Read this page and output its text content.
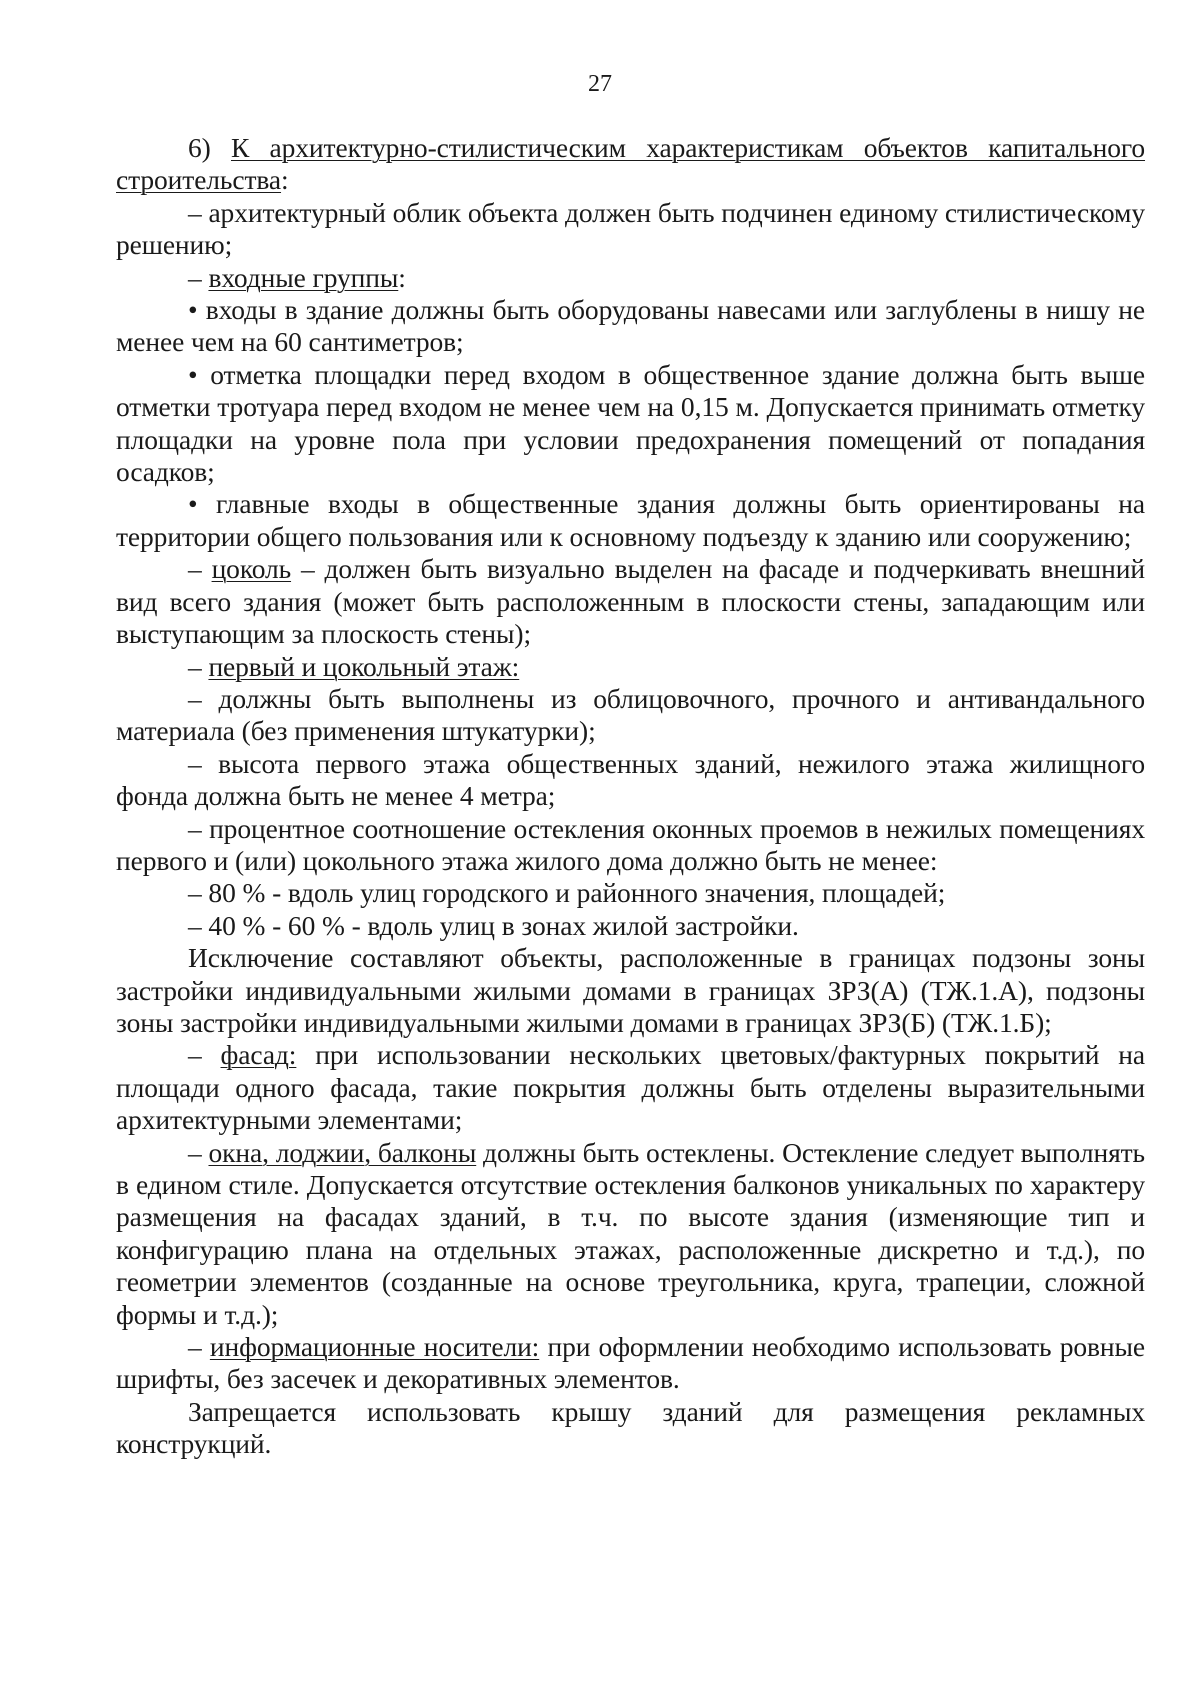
27

6) К архитектурно-стилистическим характеристикам объектов капитального строительства:

– архитектурный облик объекта должен быть подчинен единому стилистическому решению;

– входные группы:

• входы в здание должны быть оборудованы навесами или заглублены в нишу не менее чем на 60 сантиметров;

• отметка площадки перед входом в общественное здание должна быть выше отметки тротуара перед входом не менее чем на 0,15 м. Допускается принимать отметку площадки на уровне пола при условии предохранения помещений от попадания осадков;

• главные входы в общественные здания должны быть ориентированы на территории общего пользования или к основному подъезду к зданию или сооружению;

– цоколь – должен быть визуально выделен на фасаде и подчеркивать внешний вид всего здания (может быть расположенным в плоскости стены, западающим или выступающим за плоскость стены);

– первый и цокольный этаж:

– должны быть выполнены из облицовочного, прочного и антивандального материала (без применения штукатурки);

– высота первого этажа общественных зданий, нежилого этажа жилищного фонда должна быть не менее 4 метра;

– процентное соотношение остекления оконных проемов в нежилых помещениях первого и (или) цокольного этажа жилого дома должно быть не менее:

– 80 % - вдоль улиц городского и районного значения, площадей;

– 40 % - 60 % - вдоль улиц в зонах жилой застройки.

Исключение составляют объекты, расположенные в границах подзоны зоны застройки индивидуальными жилыми домами в границах ЗРЗ(А) (ТЖ.1.А), подзоны зоны застройки индивидуальными жилыми домами в границах ЗРЗ(Б) (ТЖ.1.Б);

– фасад: при использовании нескольких цветовых/фактурных покрытий на площади одного фасада, такие покрытия должны быть отделены выразительными архитектурными элементами;

– окна, лоджии, балконы должны быть остеклены. Остекление следует выполнять в едином стиле. Допускается отсутствие остекления балконов уникальных по характеру размещения на фасадах зданий, в т.ч. по высоте здания (изменяющие тип и конфигурацию плана на отдельных этажах, расположенные дискретно и т.д.), по геометрии элементов (созданные на основе треугольника, круга, трапеции, сложной формы и т.д.);

– информационные носители: при оформлении необходимо использовать ровные шрифты, без засечек и декоративных элементов.

Запрещается использовать крышу зданий для размещения рекламных конструкций.
